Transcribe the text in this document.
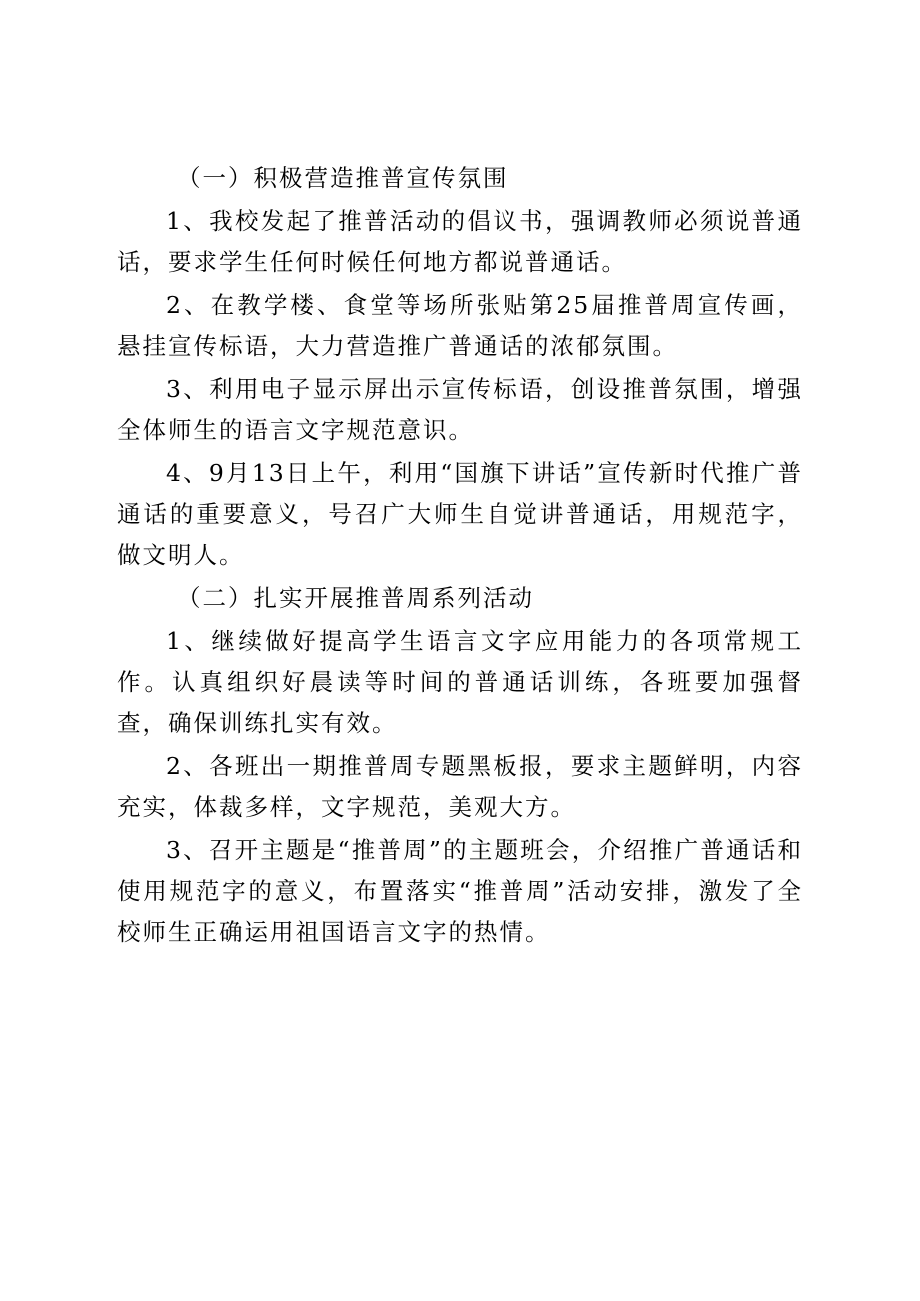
（一）积极营造推普宣传氛围

1、我校发起了推普活动的倡议书，强调教师必须说普通话，要求学生任何时候任何地方都说普通话。

2、在教学楼、食堂等场所张贴第25届推普周宣传画，悬挂宣传标语，大力营造推广普通话的浓郁氛围。

3、利用电子显示屏出示宣传标语，创设推普氛围，增强全体师生的语言文字规范意识。

4、9月13日上午，利用“国旗下讲话”宣传新时代推广普通话的重要意义，号召广大师生自觉讲普通话，用规范字，做文明人。

（二）扎实开展推普周系列活动

1、继续做好提高学生语言文字应用能力的各项常规工作。认真组织好晨读等时间的普通话训练，各班要加强督查，确保训练扎实有效。

2、各班出一期推普周专题黑板报，要求主题鲜明，内容充实，体裁多样，文字规范，美观大方。

3、召开主题是“推普周”的主题班会，介绍推广普通话和使用规范字的意义，布置落实“推普周”活动安排，激发了全校师生正确运用祖国语言文字的热情。
